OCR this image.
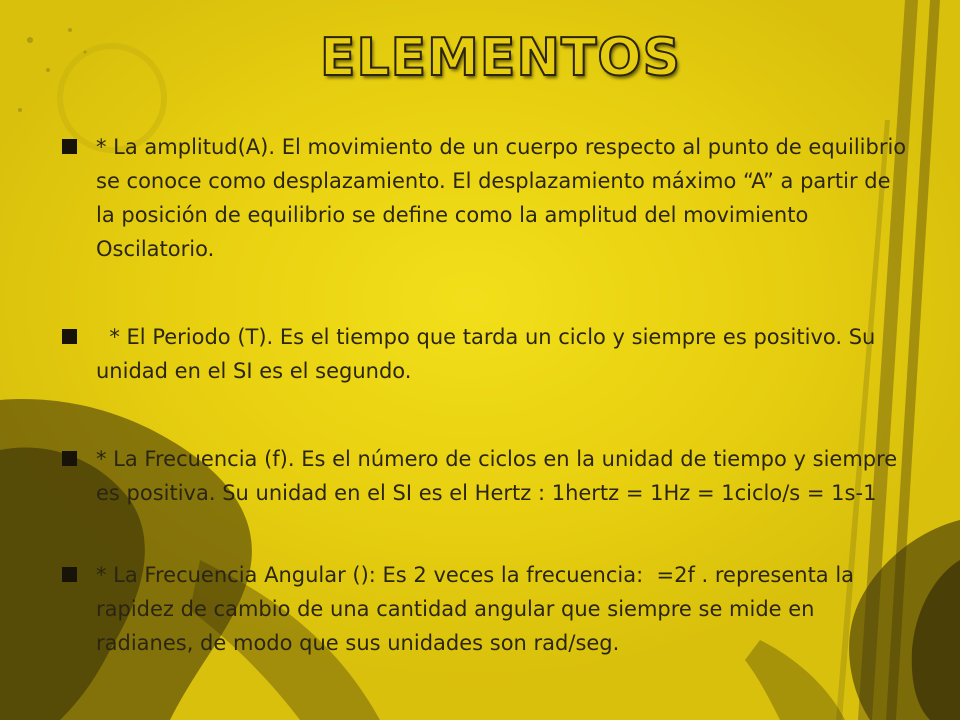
ELEMENTOS

* La amplitud(A). El movimiento de un cuerpo respecto al punto de equilibrio se conoce como desplazamiento. El desplazamiento máximo “A” a partir de la posición de equilibrio se define como la amplitud del movimiento Oscilatorio.

* El Periodo (T). Es el tiempo que tarda un ciclo y siempre es positivo. Su unidad en el SI es el segundo.

* La Frecuencia (f). Es el número de ciclos en la unidad de tiempo y siempre es positiva. Su unidad en el SI es el Hertz : 1hertz = 1Hz = 1ciclo/s = 1s-1

* La Frecuencia Angular (): Es 2 veces la frecuencia:  =2f . representa la rapidez de cambio de una cantidad angular que siempre se mide en radianes, de modo que sus unidades son rad/seg.
